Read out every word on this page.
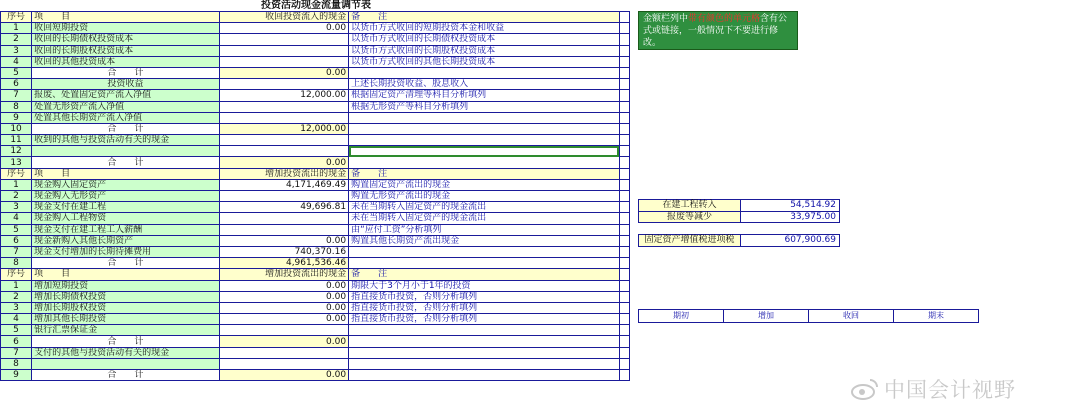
投资活动现金流量调节表
序号	项　　目	收回投资流入的现金	备　　注	
1	收回短期投资	0.00	以货币方式收回的短期投资本金和收益	
2	收回的长期债权投资成本		以货币方式收回的长期债权投资成本	
3	收回的长期股权投资成本		以货币方式收回的长期股权投资成本	
4	收回的其他投资成本		以货币方式收回的其他长期投资成本	
5	合　　计	0.00		
6	投资收益		上述长期投资收益、股息收入	
7	报废、处置固定资产流入净值	12,000.00	根据固定资产清理等科目分析填列	
8	处置无形资产流入净值		根据无形资产等科目分析填列	
9	处置其他长期资产流入净值			
10	合　　计	12,000.00		
11	收到的其他与投资活动有关的现金			
12				
13	合　　计	0.00		
序号	项　　目	增加投资流出的现金	备　　注	
1	现金购入固定资产	4,171,469.49	购置固定资产流出的现金	
2	现金购入无形资产		购置无形资产流出的现金	
3	现金支付在建工程	49,696.81	未在当期转入固定资产的现金流出	
4	现金购入工程物资		未在当期转入固定资产的现金流出	
5	现金支付在建工程工人薪酬		由“应付工资”分析填列	
6	现金新购入其他长期资产	0.00	购置其他长期资产流出现金	
7	现金支付增加的长期待摊费用	740,370.16		
8	合　　计	4,961,536.46		
序号	项　　目	增加投资流出的现金	备　　注	
1	增加短期投资	0.00	期限大于3个月小于1年的投资	
2	增加长期债权投资	0.00	指直接货币投资，否则分析填列	
3	增加长期股权投资	0.00	指直接货币投资，否则分析填列	
4	增加其他长期投资	0.00	指直接货币投资，否则分析填列	
5	银行汇票保证金			
6	合　　计	0.00		
7	支付的其他与投资活动有关的现金			
8				
9	合　　计	0.00		
金额栏列中带有颜色的单元格含有公式或链接，一般情况下不要进行修改。
在建工程转入	54,514.92
报废等减少	33,975.00
固定资产增值税进项税	607,900.69
期初	增加	收回	期末
中国会计视野
